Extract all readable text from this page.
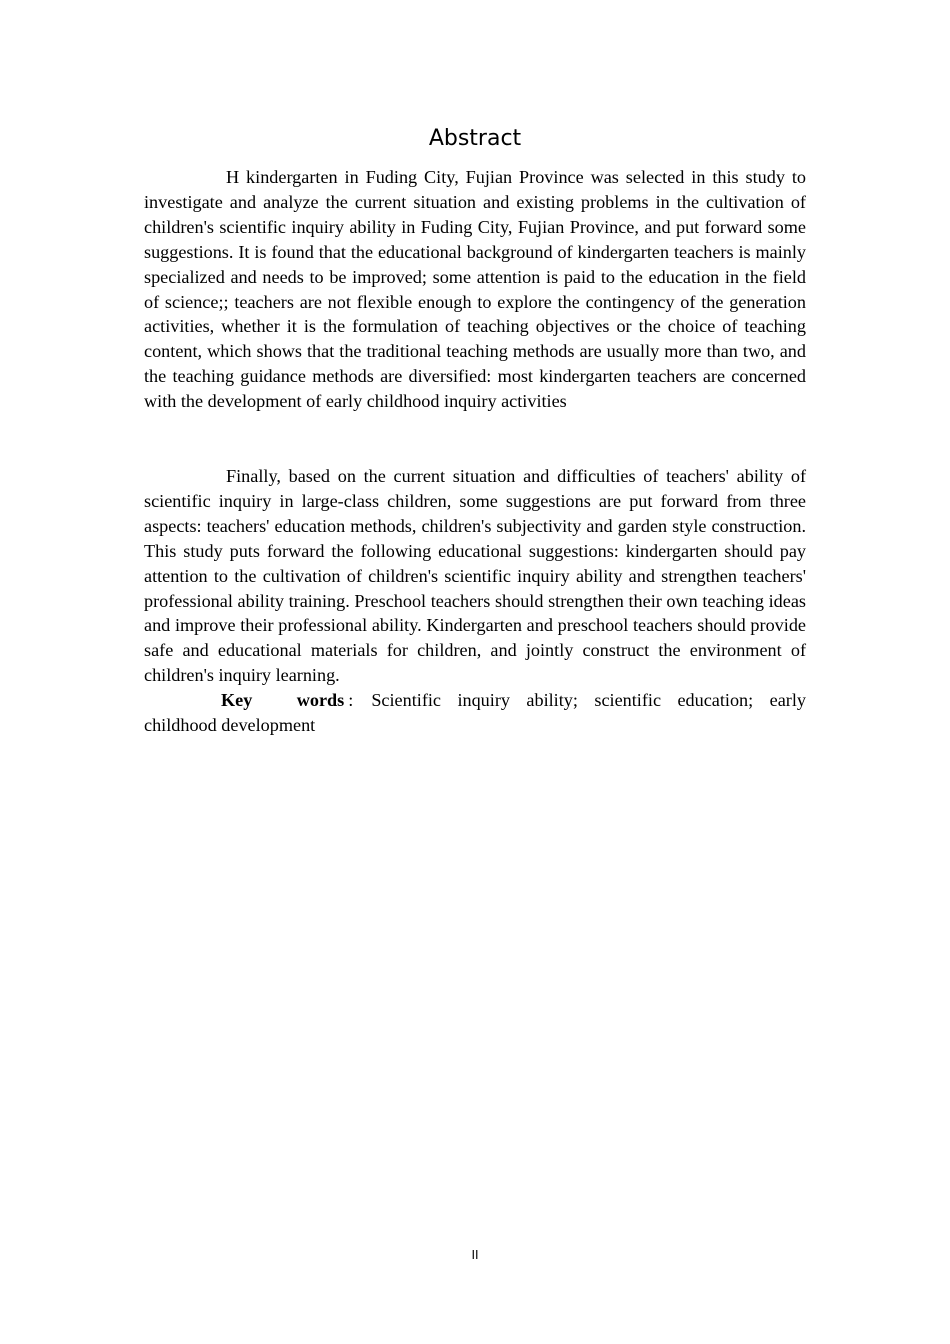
Abstract

H kindergarten in Fuding City, Fujian Province was selected in this study to investigate and analyze the current situation and existing problems in the cultivation of children's scientific inquiry ability in Fuding City, Fujian Province, and put forward some suggestions. It is found that the educational background of kindergarten teachers is mainly specialized and needs to be improved; some attention is paid to the education in the field of science;; teachers are not flexible enough to explore the contingency of the generation activities, whether it is the formulation of teaching objectives or the choice of teaching content, which shows that the traditional teaching methods are usually more than two, and the teaching guidance methods are diversified: most kindergarten teachers are concerned with the development of early childhood inquiry activities

Finally, based on the current situation and difficulties of teachers' ability of scientific inquiry in large-class children, some suggestions are put forward from three aspects: teachers' education methods, children's subjectivity and garden style construction. This study puts forward the following educational suggestions: kindergarten should pay attention to the cultivation of children's scientific inquiry ability and strengthen teachers' professional ability training. Preschool teachers should strengthen their own teaching ideas and improve their professional ability. Kindergarten and preschool teachers should provide safe and educational materials for children, and jointly construct the environment of children's inquiry learning.

Key words : Scientific inquiry ability; scientific education; early childhood development

II
